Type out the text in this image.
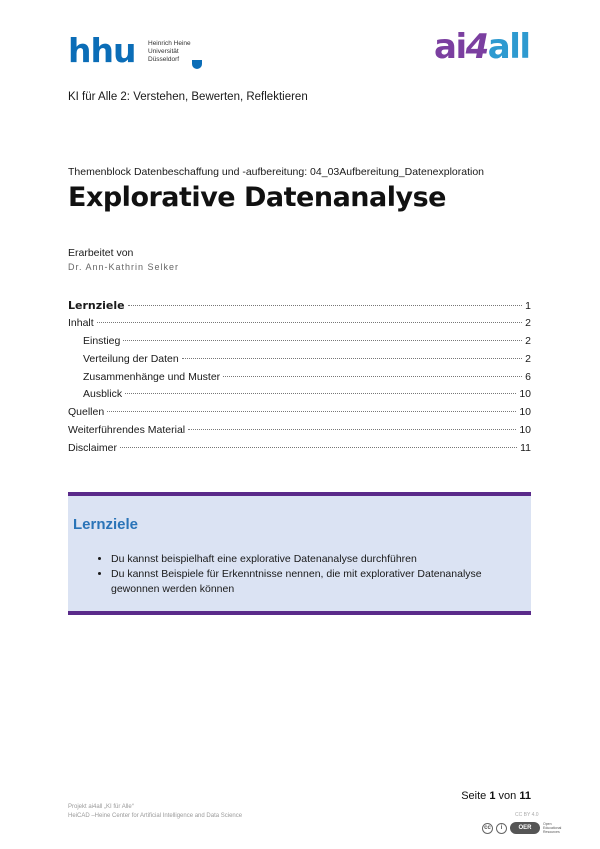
hhu Heinrich Heine
Universität
Düsseldorf	ai4all
KI für Alle 2: Verstehen, Bewerten, Reflektieren
Themenblock Datenbeschaffung und -aufbereitung: 04_03Aufbereitung_Datenexploration
Explorative Datenanalyse
Erarbeitet von
Dr. Ann-Kathrin Selker
Lernziele	1
Inhalt	2
Einstieg	2
Verteilung der Daten	2
Zusammenhänge und Muster	6
Ausblick	10
Quellen	10
Weiterführendes Material	10
Disclaimer	11
Lernziele
• Du kannst beispielhaft eine explorative Datenanalyse durchführen
• Du kannst Beispiele für Erkenntnisse nennen, die mit explorativer Datenanalyse gewonnen werden können
Seite 1 von 11
Projekt ai4all „KI für Alle“
HeiCAD –Heine Center for Artificial Intelligence and Data Science	CC BY 4.0
cc	i	OER
Open Educational Resources
